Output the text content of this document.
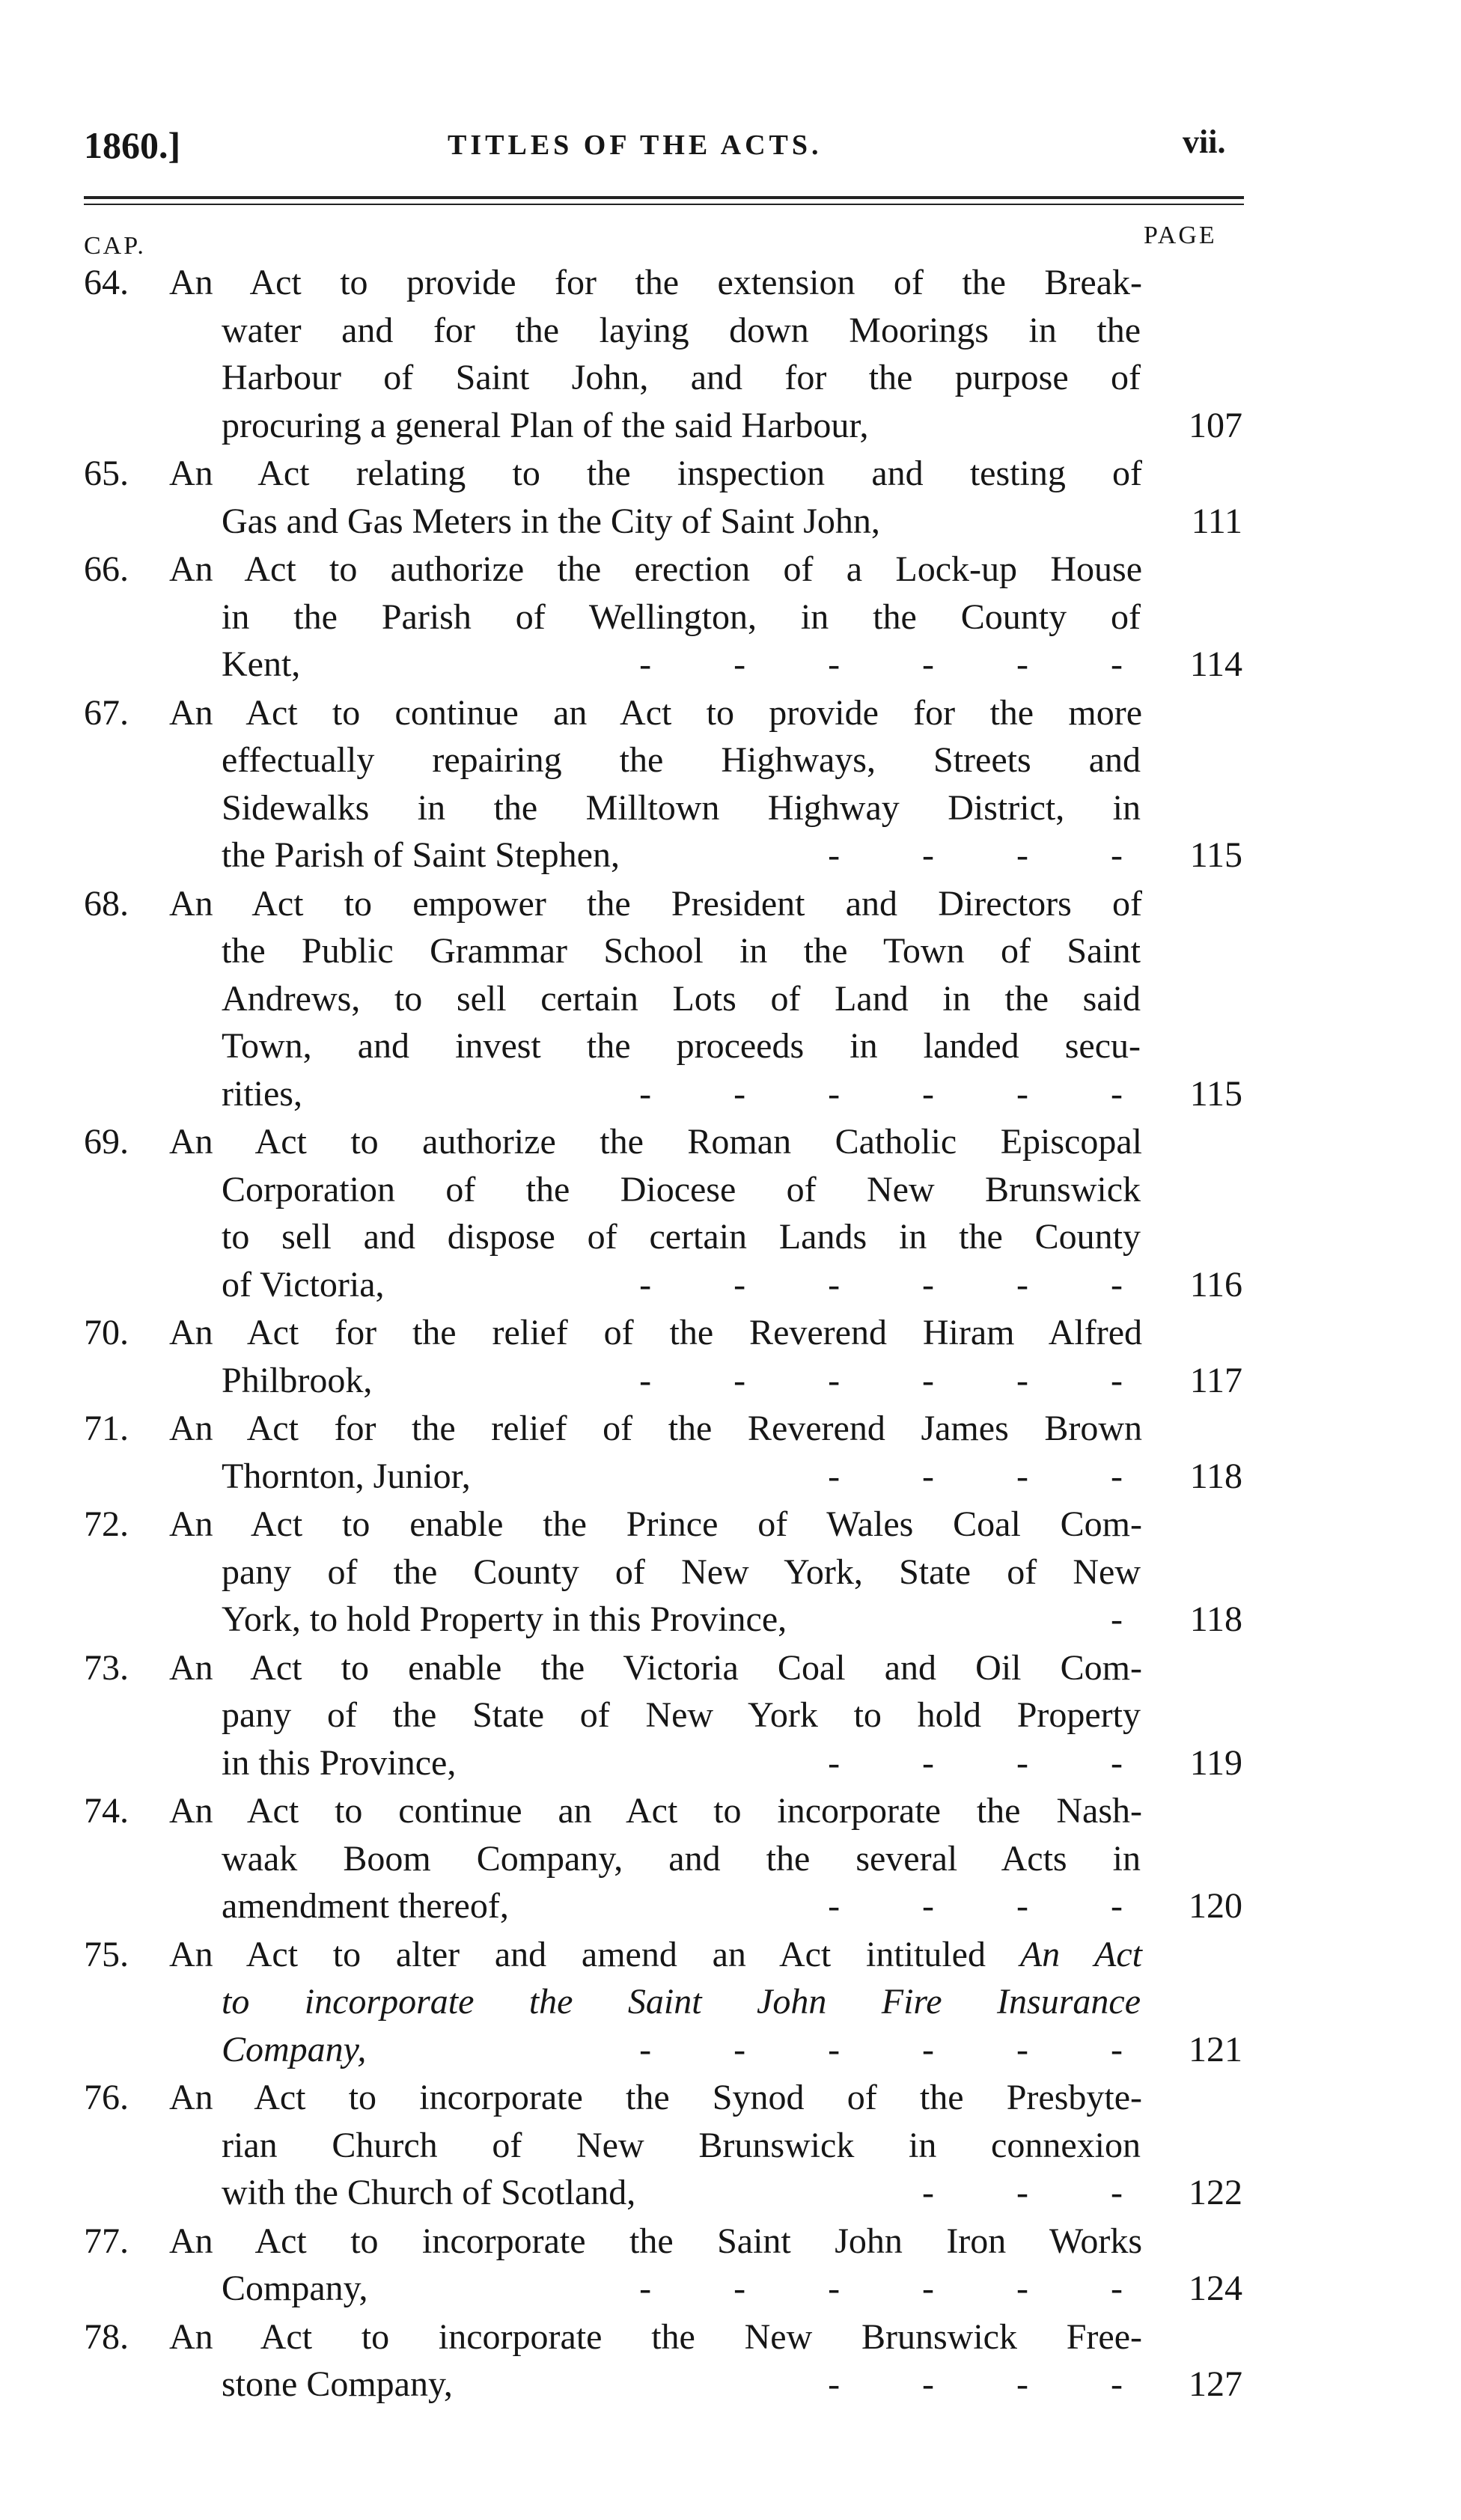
1860.]	TITLES OF THE ACTS.	vii.
CAP.	PAGE
64.	An Act to provide for the extension of the Break-
water and for the laying down Moorings in the
Harbour of Saint John, and for the purpose of
procuring a general Plan of the said Harbour,	107
65.	An Act relating to the inspection and testing of
Gas and Gas Meters in the City of Saint John,	111
66.	An Act to authorize the erection of a Lock-up House
in the Parish of Wellington, in the County of
Kent,	- - - - - -	114
67.	An Act to continue an Act to provide for the more
effectually repairing the Highways, Streets and
Sidewalks in the Milltown Highway District, in
the Parish of Saint Stephen,	- - - -	115
68.	An Act to empower the President and Directors of
the Public Grammar School in the Town of Saint
Andrews, to sell certain Lots of Land in the said
Town, and invest the proceeds in landed secu-
rities,	- - - - - -	115
69.	An Act to authorize the Roman Catholic Episcopal
Corporation of the Diocese of New Brunswick
to sell and dispose of certain Lands in the County
of Victoria,	- - - - - -	116
70.	An Act for the relief of the Reverend Hiram Alfred
Philbrook,	- - - - - -	117
71.	An Act for the relief of the Reverend James Brown
Thornton, Junior,	- - - -	118
72.	An Act to enable the Prince of Wales Coal Com-
pany of the County of New York, State of New
York, to hold Property in this Province,	-	118
73.	An Act to enable the Victoria Coal and Oil Com-
pany of the State of New York to hold Property
in this Province,	- - - -	119
74.	An Act to continue an Act to incorporate the Nash-
waak Boom Company, and the several Acts in
amendment thereof,	- - - -	120
75.	An Act to alter and amend an Act intituled An Act
to incorporate the Saint John Fire Insurance
Company,	- - - - - -	121
76.	An Act to incorporate the Synod of the Presbyte-
rian Church of New Brunswick in connexion
with the Church of Scotland,	- - -	122
77.	An Act to incorporate the Saint John Iron Works
Company,	- - - - - -	124
78.	An Act to incorporate the New Brunswick Free-
stone Company,	- - - -	127
